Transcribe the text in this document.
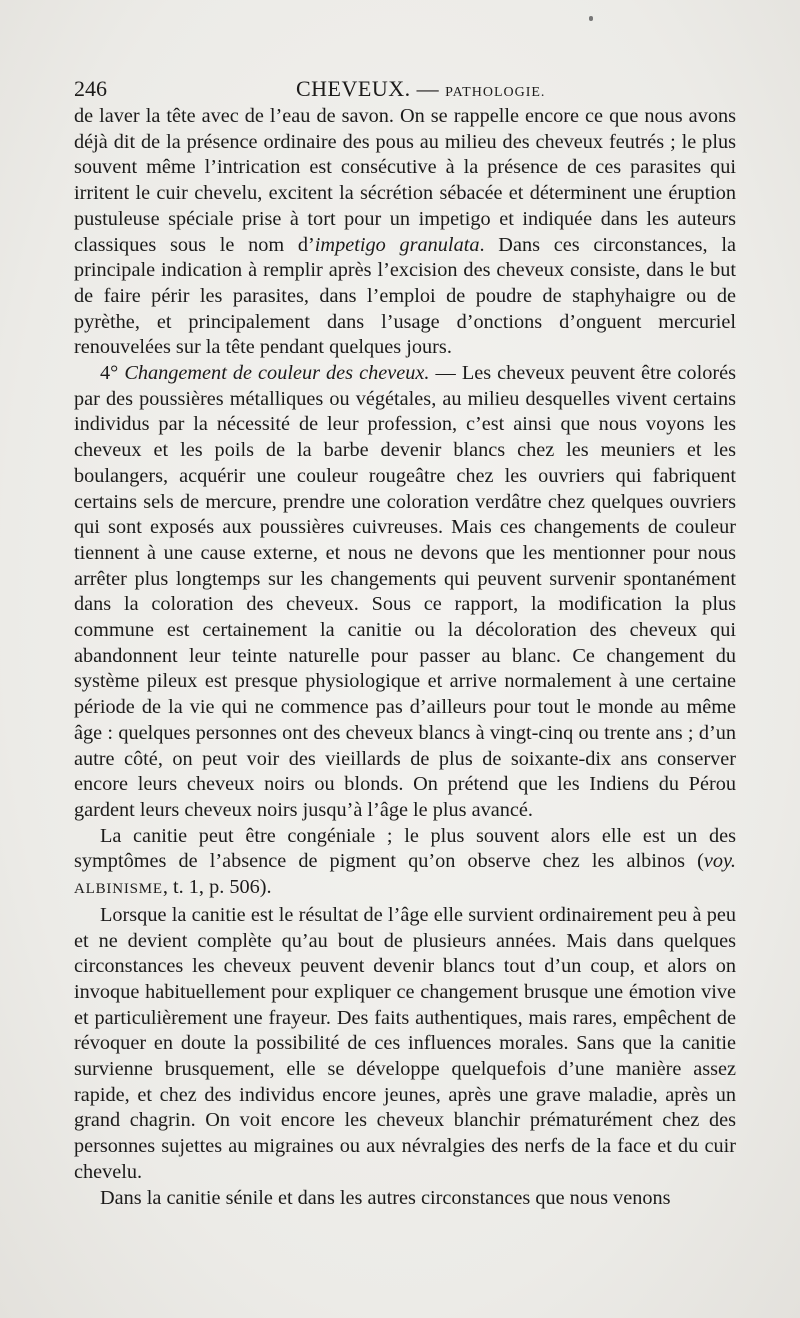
246	CHEVEUX. — PATHOLOGIE.

de laver la tête avec de l’eau de savon. On se rappelle encore ce que nous avons déjà dit de la présence ordinaire des pous au milieu des cheveux feutrés ; le plus souvent même l’intrication est consécutive à la présence de ces parasites qui irritent le cuir chevelu, excitent la sécrétion sébacée et déterminent une éruption pustuleuse spéciale prise à tort pour un impetigo et indiquée dans les auteurs classiques sous le nom d’impetigo granulata. Dans ces circonstances, la principale indication à remplir après l’excision des cheveux consiste, dans le but de faire périr les parasites, dans l’emploi de poudre de staphyhaigre ou de pyrèthe, et principalement dans l’usage d’onctions d’onguent mercuriel renouvelées sur la tête pendant quelques jours.

4° Changement de couleur des cheveux. — Les cheveux peuvent être colorés par des poussières métalliques ou végétales, au milieu desquelles vivent certains individus par la nécessité de leur profession, c’est ainsi que nous voyons les cheveux et les poils de la barbe devenir blancs chez les meuniers et les boulangers, acquérir une couleur rougeâtre chez les ouvriers qui fabriquent certains sels de mercure, prendre une coloration verdâtre chez quelques ouvriers qui sont exposés aux poussières cuivreuses. Mais ces changements de couleur tiennent à une cause externe, et nous ne devons que les mentionner pour nous arrêter plus longtemps sur les changements qui peuvent survenir spontanément dans la coloration des cheveux. Sous ce rapport, la modification la plus commune est certainement la canitie ou la décoloration des cheveux qui abandonnent leur teinte naturelle pour passer au blanc. Ce changement du système pileux est presque physiologique et arrive normalement à une certaine période de la vie qui ne commence pas d’ailleurs pour tout le monde au même âge : quelques personnes ont des cheveux blancs à vingt-cinq ou trente ans ; d’un autre côté, on peut voir des vieillards de plus de soixante-dix ans conserver encore leurs cheveux noirs ou blonds. On prétend que les Indiens du Pérou gardent leurs cheveux noirs jusqu’à l’âge le plus avancé.

La canitie peut être congéniale ; le plus souvent alors elle est un des symptômes de l’absence de pigment qu’on observe chez les albinos (voy. ALBINISME, t. 1, p. 506).

Lorsque la canitie est le résultat de l’âge elle survient ordinairement peu à peu et ne devient complète qu’au bout de plusieurs années. Mais dans quelques circonstances les cheveux peuvent devenir blancs tout d’un coup, et alors on invoque habituellement pour expliquer ce changement brusque une émotion vive et particulièrement une frayeur. Des faits authentiques, mais rares, empêchent de révoquer en doute la possibilité de ces influences morales. Sans que la canitie survienne brusquement, elle se développe quelquefois d’une manière assez rapide, et chez des individus encore jeunes, après une grave maladie, après un grand chagrin. On voit encore les cheveux blanchir prématurément chez des personnes sujettes au migraines ou aux névralgies des nerfs de la face et du cuir chevelu.

Dans la canitie sénile et dans les autres circonstances que nous venons
